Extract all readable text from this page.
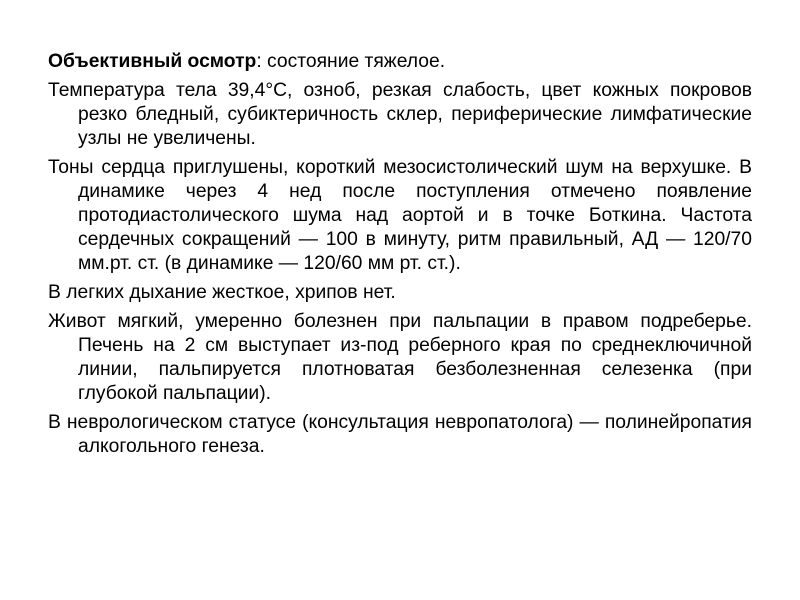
Объективный осмотр: состояние тяжелое.

Температура тела 39,4°С, озноб, резкая слабость, цвет кожных покровов резко бледный, субиктеричность склер, периферические лимфатические узлы не увеличены.

Тоны сердца приглушены, короткий мезосистолический шум на верхушке. В динамике через 4 нед после поступления отмечено появление протодиастолического шума над аортой и в точке Боткина. Частота сердечных сокращений — 100 в минуту, ритм правильный, АД — 120/70 мм.рт. ст. (в динамике — 120/60 мм рт. ст.).

В легких дыхание жесткое, хрипов нет.

Живот мягкий, умеренно болезнен при пальпации в правом подреберье. Печень на 2 см выступает из-под реберного края по среднеключичной линии, пальпируется плотноватая безболезненная селезенка (при глубокой пальпации).

В неврологическом статусе (консультация невропатолога) — полинейропатия алкогольного генеза.
